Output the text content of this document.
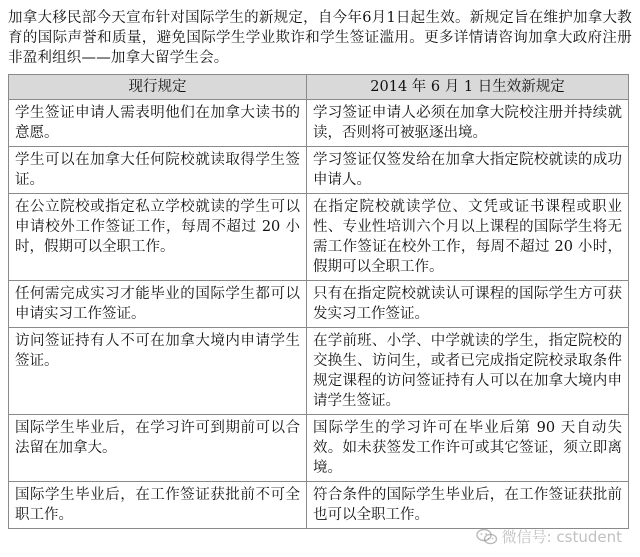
加拿大移民部今天宣布针对国际学生的新规定，自今年6月1日起生效。新规定旨在维护加拿大教育的国际声誉和质量，避免国际学生学业欺诈和学生签证滥用。更多详情请咨询加拿大政府注册非盈利组织——加拿大留学生会。

现行规定	2014 年 6 月 1 日生效新规定
学生签证申请人需表明他们在加拿大读书的意愿。	学习签证申请人必须在加拿大院校注册并持续就读，否则将可被驱逐出境。
学生可以在加拿大任何院校就读取得学生签证。	学习签证仅签发给在加拿大指定院校就读的成功申请人。
在公立院校或指定私立学校就读的学生可以申请校外工作签证工作，每周不超过 20 小时，假期可以全职工作。	在指定院校就读学位、文凭或证书课程或职业性、专业性培训六个月以上课程的国际学生将无需工作签证在校外工作，每周不超过 20 小时，假期可以全职工作。
任何需完成实习才能毕业的国际学生都可以申请实习工作签证。	只有在指定院校就读认可课程的国际学生方可获发实习工作签证。
访问签证持有人不可在加拿大境内申请学生签证。	在学前班、小学、中学就读的学生，指定院校的交换生、访问生，或者已完成指定院校录取条件规定课程的访问签证持有人可以在加拿大境内申请学生签证。
国际学生毕业后，在学习许可到期前可以合法留在加拿大。	国际学生的学习许可在毕业后第 90 天自动失效。如未获签发工作许可或其它签证，须立即离境。
国际学生毕业后，在工作签证获批前不可全职工作。	符合条件的国际学生毕业后，在工作签证获批前也可以全职工作。
微信号: cstudent
